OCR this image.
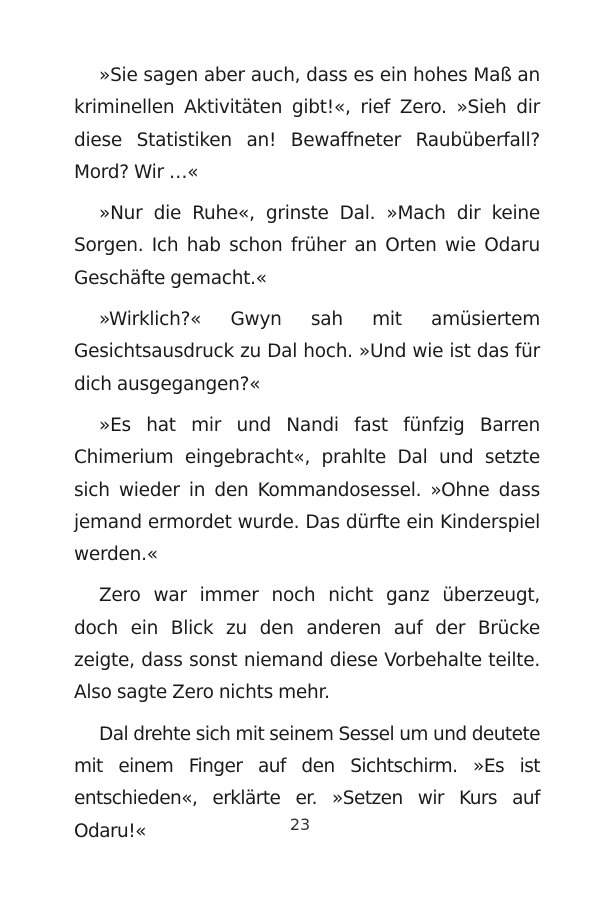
»Sie sagen aber auch, dass es ein hohes Maß an kriminellen Aktivitäten gibt!«, rief Zero. »Sieh dir diese Statistiken an! Bewaffneter Raubüberfall? Mord? Wir …«

»Nur die Ruhe«, grinste Dal. »Mach dir keine Sorgen. Ich hab schon früher an Orten wie Odaru Geschäfte gemacht.«

»Wirklich?« Gwyn sah mit amüsiertem Gesichtsausdruck zu Dal hoch. »Und wie ist das für dich ausgegangen?«

»Es hat mir und Nandi fast fünfzig Barren Chimerium eingebracht«, prahlte Dal und setzte sich wieder in den Kommandosessel. »Ohne dass jemand ermordet wurde. Das dürfte ein Kinderspiel werden.«

Zero war immer noch nicht ganz überzeugt, doch ein Blick zu den anderen auf der Brücke zeigte, dass sonst niemand diese Vorbehalte teilte. Also sagte Zero nichts mehr.

Dal drehte sich mit seinem Sessel um und deutete mit einem Finger auf den Sichtschirm. »Es ist entschieden«, erklärte er. »Setzen wir Kurs auf Odaru!«	23
